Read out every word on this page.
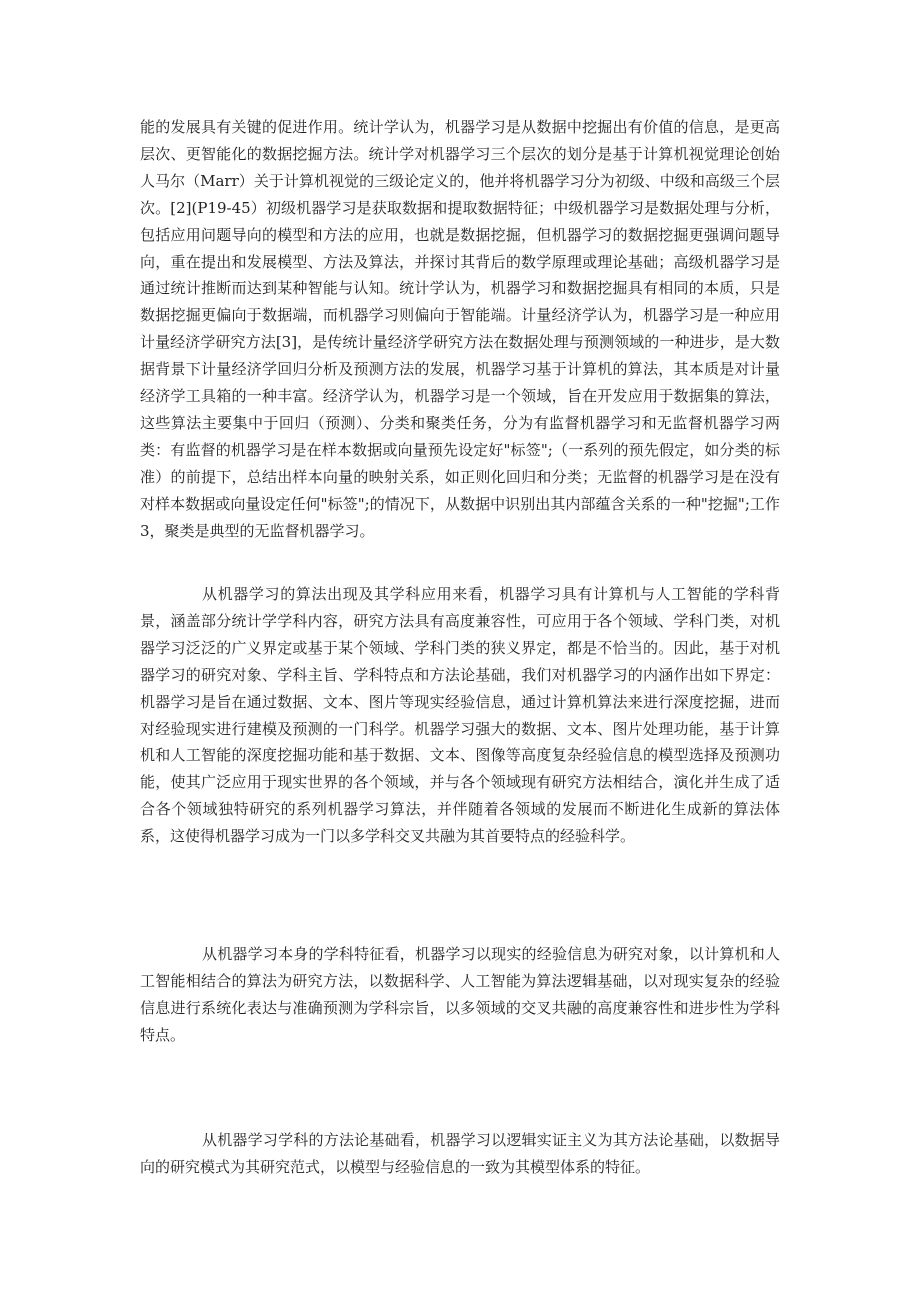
能的发展具有关键的促进作用。统计学认为，机器学习是从数据中挖掘出有价值的信息，是更高层次、更智能化的数据挖掘方法。统计学对机器学习三个层次的划分是基于计算机视觉理论创始人马尔（Marr）关于计算机视觉的三级论定义的，他并将机器学习分为初级、中级和高级三个层次。[2](P19-45）初级机器学习是获取数据和提取数据特征；中级机器学习是数据处理与分析，包括应用问题导向的模型和方法的应用，也就是数据挖掘，但机器学习的数据挖掘更强调问题导向，重在提出和发展模型、方法及算法，并探讨其背后的数学原理或理论基础；高级机器学习是通过统计推断而达到某种智能与认知。统计学认为，机器学习和数据挖掘具有相同的本质，只是数据挖掘更偏向于数据端，而机器学习则偏向于智能端。计量经济学认为，机器学习是一种应用计量经济学研究方法[3]，是传统计量经济学研究方法在数据处理与预测领域的一种进步，是大数据背景下计量经济学回归分析及预测方法的发展，机器学习基于计算机的算法，其本质是对计量经济学工具箱的一种丰富。经济学认为，机器学习是一个领域，旨在开发应用于数据集的算法，这些算法主要集中于回归（预测）、分类和聚类任务，分为有监督机器学习和无监督机器学习两类：有监督的机器学习是在样本数据或向量预先设定好"标签";（一系列的预先假定，如分类的标准）的前提下，总结出样本向量的映射关系，如正则化回归和分类；无监督的机器学习是在没有对样本数据或向量设定任何"标签";的情况下，从数据中识别出其内部蕴含关系的一种"挖掘";工作 3，聚类是典型的无监督机器学习。

从机器学习的算法出现及其学科应用来看，机器学习具有计算机与人工智能的学科背景，涵盖部分统计学学科内容，研究方法具有高度兼容性，可应用于各个领域、学科门类，对机器学习泛泛的广义界定或基于某个领域、学科门类的狭义界定，都是不恰当的。因此，基于对机器学习的研究对象、学科主旨、学科特点和方法论基础，我们对机器学习的内涵作出如下界定：机器学习是旨在通过数据、文本、图片等现实经验信息，通过计算机算法来进行深度挖掘，进而对经验现实进行建模及预测的一门科学。机器学习强大的数据、文本、图片处理功能，基于计算机和人工智能的深度挖掘功能和基于数据、文本、图像等高度复杂经验信息的模型选择及预测功能，使其广泛应用于现实世界的各个领域，并与各个领域现有研究方法相结合，演化并生成了适合各个领域独特研究的系列机器学习算法，并伴随着各领域的发展而不断进化生成新的算法体系，这使得机器学习成为一门以多学科交叉共融为其首要特点的经验科学。

从机器学习本身的学科特征看，机器学习以现实的经验信息为研究对象，以计算机和人工智能相结合的算法为研究方法，以数据科学、人工智能为算法逻辑基础，以对现实复杂的经验信息进行系统化表达与准确预测为学科宗旨，以多领域的交叉共融的高度兼容性和进步性为学科特点。

从机器学习学科的方法论基础看，机器学习以逻辑实证主义为其方法论基础，以数据导向的研究模式为其研究范式，以模型与经验信息的一致为其模型体系的特征。
